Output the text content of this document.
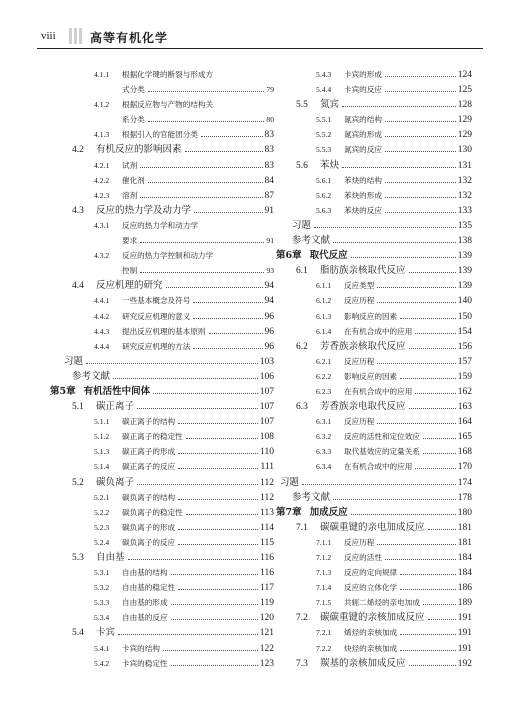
viii	高等有机化学
4.1.1	根据化学键的断裂与形成方
式分类	79
4.1.2	根据反应物与产物的结构关
系分类	80
4.1.3	根据引入的官能团分类	83
4.2	有机反应的影响因素	83
4.2.1	试剂	83
4.2.2	催化剂	84
4.2.3	溶剂	87
4.3	反应的热力学及动力学	91
4.3.1	反应的热力学和动力学
要求	91
4.3.2	反应的热力学控制和动力学
控制	93
4.4	反应机理的研究	94
4.4.1	一些基本概念及符号	94
4.4.2	研究反应机理的意义	96
4.4.3	提出反应机理的基本原则	96
4.4.4	研究反应机理的方法	96
习题	103
参考文献	106
第5章 有机活性中间体	107
5.1	碳正离子	107
5.1.1	碳正离子的结构	107
5.1.2	碳正离子的稳定性	108
5.1.3	碳正离子的形成	110
5.1.4	碳正离子的反应	111
5.2	碳负离子	112
5.2.1	碳负离子的结构	112
5.2.2	碳负离子的稳定性	113
5.2.3	碳负离子的形成	114
5.2.4	碳负离子的反应	115
5.3	自由基	116
5.3.1	自由基的结构	116
5.3.2	自由基的稳定性	117
5.3.3	自由基的形成	119
5.3.4	自由基的反应	120
5.4	卡宾	121
5.4.1	卡宾的结构	122
5.4.2	卡宾的稳定性	123
5.4.3	卡宾的形成	124
5.4.4	卡宾的反应	125
5.5	氮宾	128
5.5.1	氮宾的结构	129
5.5.2	氮宾的形成	129
5.5.3	氮宾的反应	130
5.6	苯炔	131
5.6.1	苯炔的结构	132
5.6.2	苯炔的形成	132
5.6.3	苯炔的反应	133
习题	135
参考文献	138
第6章 取代反应	139
6.1	脂肪族亲核取代反应	139
6.1.1	反应类型	139
6.1.2	反应历程	140
6.1.3	影响反应的因素	150
6.1.4	在有机合成中的应用	154
6.2	芳香族亲核取代反应	156
6.2.1	反应历程	157
6.2.2	影响反应的因素	159
6.2.3	在有机合成中的应用	162
6.3	芳香族亲电取代反应	163
6.3.1	反应历程	164
6.3.2	反应的活性和定位效应	165
6.3.3	取代基效应的定量关系	168
6.3.4	在有机合成中的应用	170
习题	174
参考文献	178
第7章 加成反应	180
7.1	碳碳重键的亲电加成反应	181
7.1.1	反应历程	181
7.1.2	反应的活性	184
7.1.3	反应的定向规律	184
7.1.4	反应的立体化学	186
7.1.5	共轭二烯烃的亲电加成	189
7.2	碳碳重键的亲核加成反应	191
7.2.1	烯烃的亲核加成	191
7.2.2	炔烃的亲核加成	191
7.3	羰基的亲核加成反应	192
